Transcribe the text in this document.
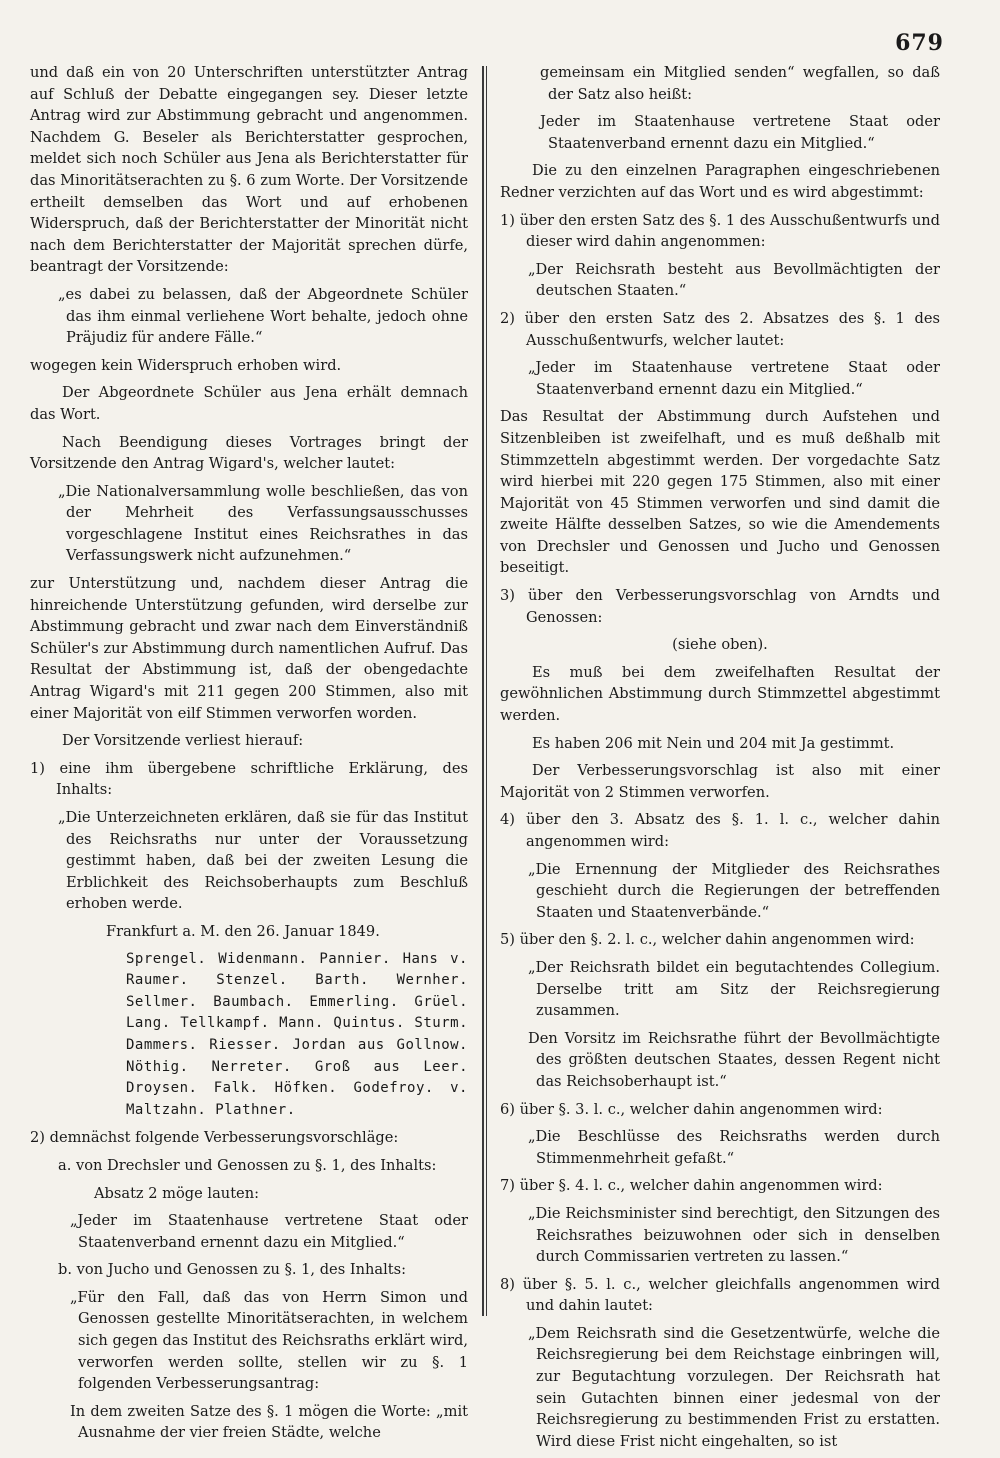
679

und daß ein von 20 Unterschriften unterstützter Antrag auf Schluß der Debatte eingegangen sey. Dieser letzte Antrag wird zur Abstimmung gebracht und angenommen. Nachdem G. Beseler als Berichterstatter gesprochen, meldet sich noch Schüler aus Jena als Berichterstatter für das Minoritätserachten zu §. 6 zum Worte. Der Vorsitzende ertheilt demselben das Wort und auf erhobenen Widerspruch, daß der Berichterstatter der Minorität nicht nach dem Berichterstatter der Majorität sprechen dürfe, beantragt der Vorsitzende:

„es dabei zu belassen, daß der Abgeordnete Schüler das ihm einmal verliehene Wort behalte, jedoch ohne Präjudiz für andere Fälle.“

wogegen kein Widerspruch erhoben wird.

Der Abgeordnete Schüler aus Jena erhält demnach das Wort.

Nach Beendigung dieses Vortrages bringt der Vorsitzende den Antrag Wigard's, welcher lautet:

„Die Nationalversammlung wolle beschließen, das von der Mehrheit des Verfassungsausschusses vorgeschlagene Institut eines Reichsrathes in das Verfassungswerk nicht aufzunehmen.“

zur Unterstützung und, nachdem dieser Antrag die hinreichende Unterstützung gefunden, wird derselbe zur Abstimmung gebracht und zwar nach dem Einverständniß Schüler's zur Abstimmung durch namentlichen Aufruf. Das Resultat der Abstimmung ist, daß der obengedachte Antrag Wigard's mit 211 gegen 200 Stimmen, also mit einer Majorität von eilf Stimmen verworfen worden.

Der Vorsitzende verliest hierauf:

1) eine ihm übergebene schriftliche Erklärung, des Inhalts:

„Die Unterzeichneten erklären, daß sie für das Institut des Reichsraths nur unter der Voraussetzung gestimmt haben, daß bei der zweiten Lesung die Erblichkeit des Reichsoberhaupts zum Beschluß erhoben werde.

Frankfurt a. M. den 26. Januar 1849.

Sprengel. Widenmann. Pannier. Hans v. Raumer. Stenzel. Barth. Wernher. Sellmer. Baumbach. Emmerling. Grüel. Lang. Tellkampf. Mann. Quintus. Sturm. Dammers. Riesser. Jordan aus Gollnow. Nöthig. Nerreter. Groß aus Leer. Droysen. Falk. Höfken. Godefroy. v. Maltzahn. Plathner.

2) demnächst folgende Verbesserungsvorschläge:

a. von Drechsler und Genossen zu §. 1, des Inhalts:

Absatz 2 möge lauten:

„Jeder im Staatenhause vertretene Staat oder Staatenverband ernennt dazu ein Mitglied.“

b. von Jucho und Genossen zu §. 1, des Inhalts:

„Für den Fall, daß das von Herrn Simon und Genossen gestellte Minoritätserachten, in welchem sich gegen das Institut des Reichsraths erklärt wird, verworfen werden sollte, stellen wir zu §. 1 folgenden Verbesserungsantrag:

In dem zweiten Satze des §. 1 mögen die Worte: „mit Ausnahme der vier freien Städte, welche

gemeinsam ein Mitglied senden“ wegfallen, so daß der Satz also heißt:

Jeder im Staatenhause vertretene Staat oder Staatenverband ernennt dazu ein Mitglied.“

Die zu den einzelnen Paragraphen eingeschriebenen Redner verzichten auf das Wort und es wird abgestimmt:

1) über den ersten Satz des §. 1 des Ausschußentwurfs und dieser wird dahin angenommen:

„Der Reichsrath besteht aus Bevollmächtigten der deutschen Staaten.“

2) über den ersten Satz des 2. Absatzes des §. 1 des Ausschußentwurfs, welcher lautet:

„Jeder im Staatenhause vertretene Staat oder Staatenverband ernennt dazu ein Mitglied.“

Das Resultat der Abstimmung durch Aufstehen und Sitzenbleiben ist zweifelhaft, und es muß deßhalb mit Stimmzetteln abgestimmt werden. Der vorgedachte Satz wird hierbei mit 220 gegen 175 Stimmen, also mit einer Majorität von 45 Stimmen verworfen und sind damit die zweite Hälfte desselben Satzes, so wie die Amendements von Drechsler und Genossen und Jucho und Genossen beseitigt.

3) über den Verbesserungsvorschlag von Arndts und Genossen:

(siehe oben).

Es muß bei dem zweifelhaften Resultat der gewöhnlichen Abstimmung durch Stimmzettel abgestimmt werden.

Es haben 206 mit Nein und 204 mit Ja gestimmt.

Der Verbesserungsvorschlag ist also mit einer Majorität von 2 Stimmen verworfen.

4) über den 3. Absatz des §. 1. l. c., welcher dahin angenommen wird:

„Die Ernennung der Mitglieder des Reichsrathes geschieht durch die Regierungen der betreffenden Staaten und Staatenverbände.“

5) über den §. 2. l. c., welcher dahin angenommen wird:

„Der Reichsrath bildet ein begutachtendes Collegium. Derselbe tritt am Sitz der Reichsregierung zusammen.

Den Vorsitz im Reichsrathe führt der Bevollmächtigte des größten deutschen Staates, dessen Regent nicht das Reichsoberhaupt ist.“

6) über §. 3. l. c., welcher dahin angenommen wird:

„Die Beschlüsse des Reichsraths werden durch Stimmenmehrheit gefaßt.“

7) über §. 4. l. c., welcher dahin angenommen wird:

„Die Reichsminister sind berechtigt, den Sitzungen des Reichsrathes beizuwohnen oder sich in denselben durch Commissarien vertreten zu lassen.“

8) über §. 5. l. c., welcher gleichfalls angenommen wird und dahin lautet:

„Dem Reichsrath sind die Gesetzentwürfe, welche die Reichsregierung bei dem Reichstage einbringen will, zur Begutachtung vorzulegen. Der Reichsrath hat sein Gutachten binnen einer jedesmal von der Reichsregierung zu bestimmenden Frist zu erstatten. Wird diese Frist nicht eingehalten, so ist
